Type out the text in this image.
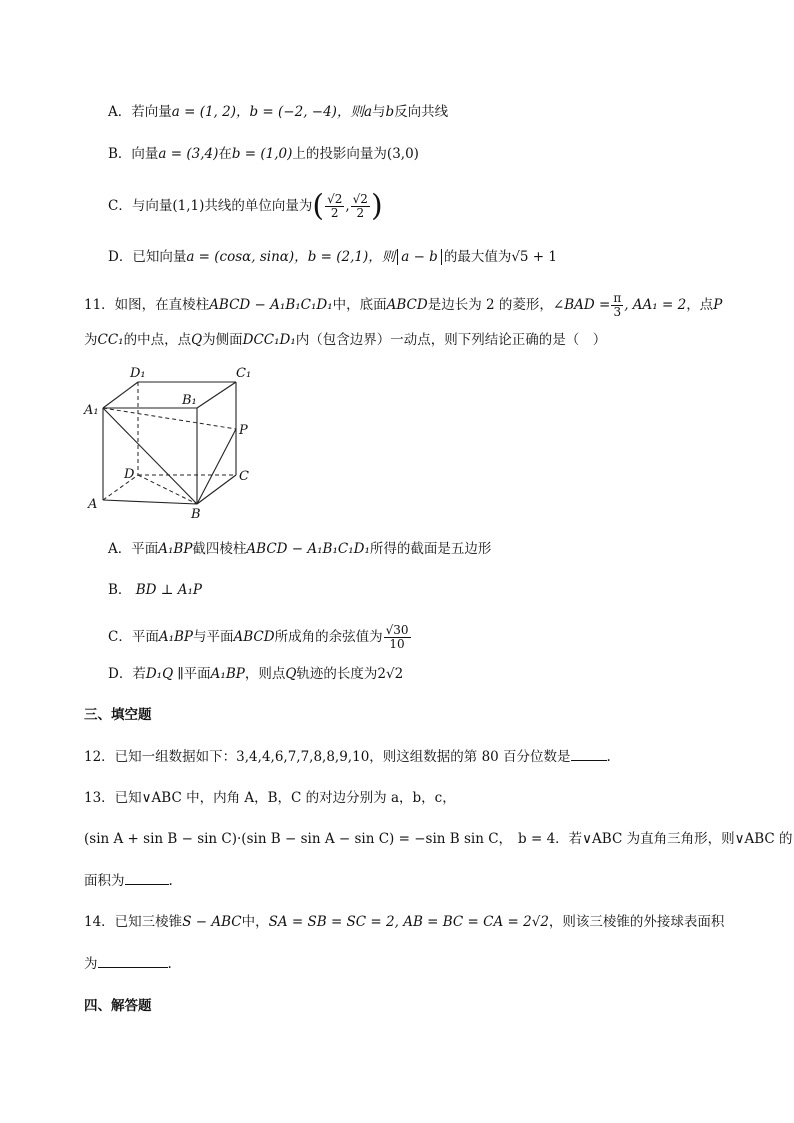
A．若向量a = (1, 2)，b = (−2, −4)，则a与b反向共线
B．向量a = (3,4)在b = (1,0)上的投影向量为(3,0)
C．与向量(1,1)共线的单位向量为( $\frac{√2}{2}$ , $\frac{√2}{2}$ )
D．已知向量a = (cosα, sinα)，b = (2,1)，则 a − b 的最大值为√5 + 1
11．如图，在直棱柱ABCD − A₁B₁C₁D₁中，底面ABCD是边长为 2 的菱形，∠BAD = $\frac{\pi}{3}$ , AA₁ = 2，点P
为CC₁的中点，点Q为侧面DCC₁D₁内（包含边界）一动点，则下列结论正确的是（　）
D₁	C₁
A₁
B₁
P
D	C
A
B
A．平面A₁BP截四棱柱ABCD − A₁B₁C₁D₁所得的截面是五边形
B． BD ⊥ A₁P
C．平面A₁BP与平面ABCD所成角的余弦值为 $\frac{√30}{10}$
D．若D₁Q ∥平面A₁BP，则点Q轨迹的长度为2√2
三、填空题
12．已知一组数据如下：3,4,4,6,7,7,8,8,9,10，则这组数据的第 80 百分位数是	.
13．已知∨ABC 中，内角 A，B，C 的对边分别为 a，b，c，
(sin A + sin B − sin C)·(sin B − sin A − sin C) = −sin B sin C， b = 4．若∨ABC 为直角三角形，则∨ABC 的
面积为	.
14．已知三棱锥S − ABC中，SA = SB = SC = 2, AB = BC = CA = 2√2，则该三棱锥的外接球表面积
为	.
四、解答题
